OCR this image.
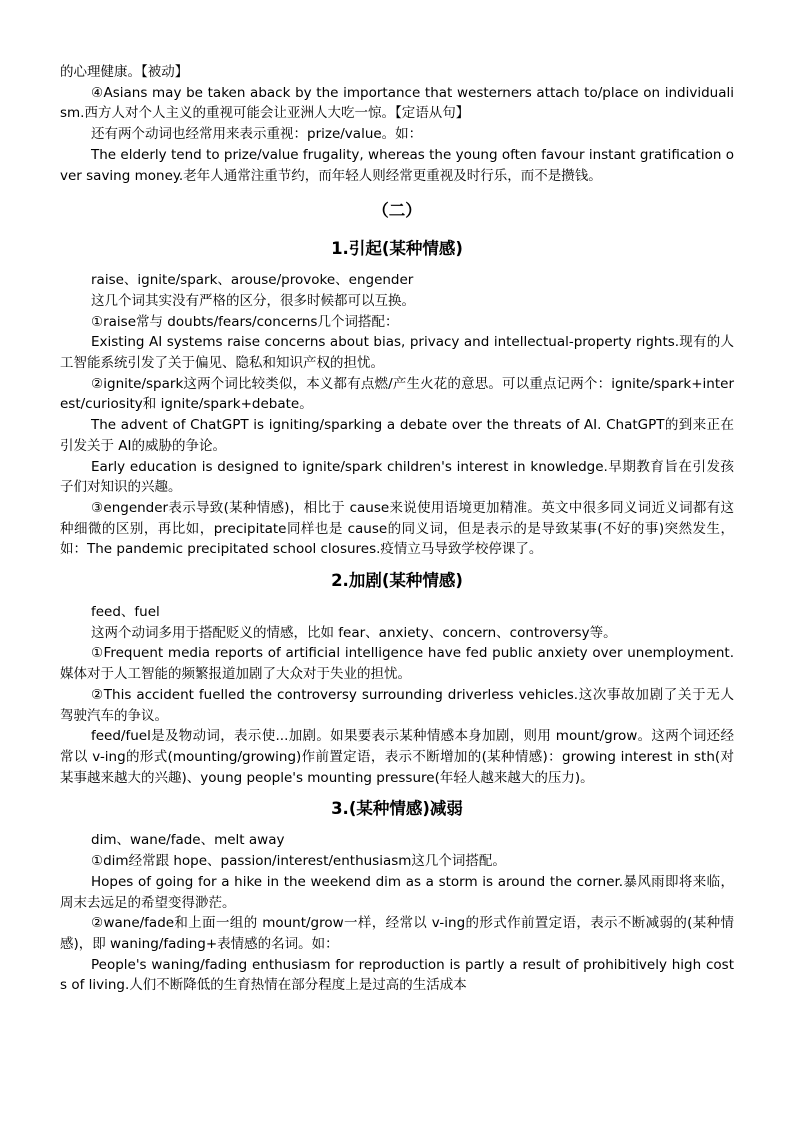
的心理健康。【被动】

④Asians may be taken aback by the importance that westerners attach to/place on individualism.西方人对个人主义的重视可能会让亚洲人大吃一惊。【定语从句】

还有两个动词也经常用来表示重视：prize/value。如：

The elderly tend to prize/value frugality, whereas the young often favour instant gratification over saving money.老年人通常注重节约，而年轻人则经常更重视及时行乐，而不是攒钱。

（二）
1.引起(某种情感)

raise、ignite/spark、arouse/provoke、engender

这几个词其实没有严格的区分，很多时候都可以互换。

①raise常与 doubts/fears/concerns几个词搭配：

Existing AI systems raise concerns about bias, privacy and intellectual-property rights.现有的人工智能系统引发了关于偏见、隐私和知识产权的担忧。

②ignite/spark这两个词比较类似，本义都有点燃/产生火花的意思。可以重点记两个：ignite/spark+interest/curiosity和 ignite/spark+debate。

The advent of ChatGPT is igniting/sparking a debate over the threats of AI. ChatGPT的到来正在引发关于 AI的威胁的争论。

Early education is designed to ignite/spark children's interest in knowledge.早期教育旨在引发孩子们对知识的兴趣。

③engender表示导致(某种情感)，相比于 cause来说使用语境更加精准。英文中很多同义词近义词都有这种细微的区别，再比如，precipitate同样也是 cause的同义词，但是表示的是导致某事(不好的事)突然发生，如：The pandemic precipitated school closures.疫情立马导致学校停课了。

2.加剧(某种情感)

feed、fuel

这两个动词多用于搭配贬义的情感，比如 fear、anxiety、concern、controversy等。

①Frequent media reports of artificial intelligence have fed public anxiety over unemployment.媒体对于人工智能的频繁报道加剧了大众对于失业的担忧。

②This accident fuelled the controversy surrounding driverless vehicles.这次事故加剧了关于无人驾驶汽车的争议。

feed/fuel是及物动词，表示使...加剧。如果要表示某种情感本身加剧，则用 mount/grow。这两个词还经常以 v-ing的形式(mounting/growing)作前置定语，表示不断增加的(某种情感)：growing interest in sth(对某事越来越大的兴趣)、young people's mounting pressure(年轻人越来越大的压力)。

3.(某种情感)减弱

dim、wane/fade、melt away

①dim经常跟 hope、passion/interest/enthusiasm这几个词搭配。

Hopes of going for a hike in the weekend dim as a storm is around the corner.暴风雨即将来临，周末去远足的希望变得渺茫。

②wane/fade和上面一组的 mount/grow一样，经常以 v-ing的形式作前置定语，表示不断减弱的(某种情感)，即 waning/fading+表情感的名词。如：

People's waning/fading enthusiasm for reproduction is partly a result of prohibitively high costs of living.人们不断降低的生育热情在部分程度上是过高的生活成本
